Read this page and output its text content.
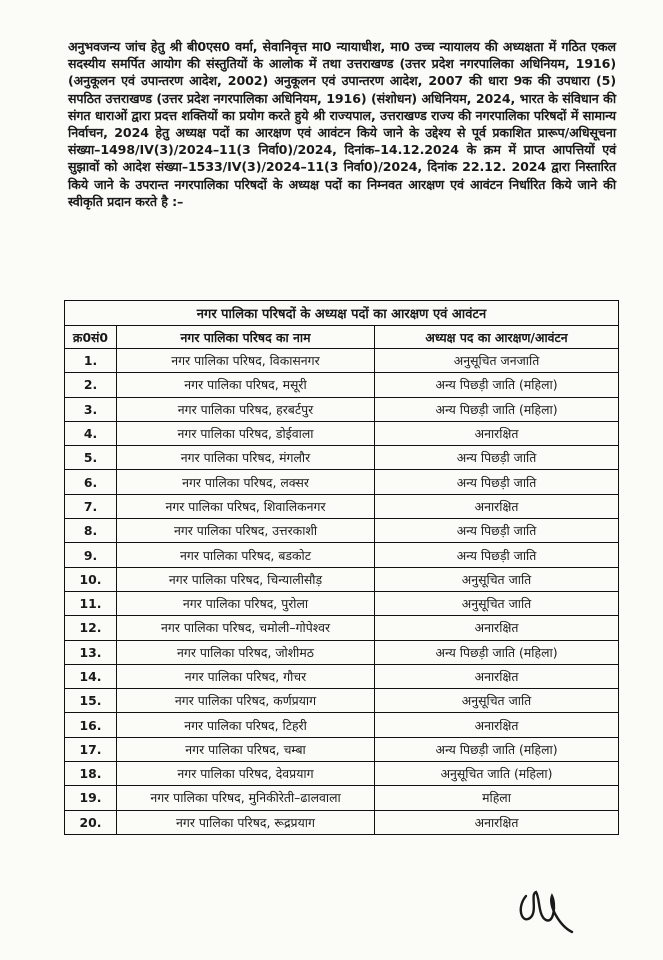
अनुभवजन्य जांच हेतु श्री बी0एस0 वर्मा, सेवानिवृत्त मा0 न्यायाधीश, मा0 उच्च न्यायालय की अध्यक्षता में गठित एकल सदस्यीय समर्पित आयोग की संस्तुतियों के आलोक में तथा उत्तराखण्ड (उत्तर प्रदेश नगरपालिका अधिनियम, 1916) (अनुकूलन एवं उपान्तरण आदेश, 2002) अनुकूलन एवं उपान्तरण आदेश, 2007 की धारा 9क की उपधारा (5) सपठित उत्तराखण्ड (उत्तर प्रदेश नगरपालिका अधिनियम, 1916) (संशोधन) अधिनियम, 2024, भारत के संविधान की संगत धाराओं द्वारा प्रदत्त शक्तियों का प्रयोग करते हुये श्री राज्यपाल, उत्तराखण्ड राज्य की नगरपालिका परिषदों में सामान्य निर्वाचन, 2024 हेतु अध्यक्ष पदों का आरक्षण एवं आवंटन किये जाने के उद्देश्य से पूर्व प्रकाशित प्रारूप/अधिसूचना संख्या–1498/IV(3)/2024–11(3 निर्वा0)/2024, दिनांक–14.12.2024 के क्रम में प्राप्त आपत्तियों एवं सुझावों को आदेश संख्या–1533/IV(3)/2024–11(3 निर्वा0)/2024, दिनांक 22.12. 2024 द्वारा निस्तारित किये जाने के उपरान्त नगरपालिका परिषदों के अध्यक्ष पदों का निम्नवत आरक्षण एवं आवंटन निर्धारित किये जाने की स्वीकृति प्रदान करते है :–

नगर पालिका परिषदों के अध्यक्ष पदों का आरक्षण एवं आवंटन		
क्र0सं0	नगर पालिका परिषद का नाम	अध्यक्ष पद का आरक्षण/आवंटन
1.	नगर पालिका परिषद, विकासनगर	अनुसूचित जनजाति
2.	नगर पालिका परिषद, मसूरी	अन्य पिछड़ी जाति (महिला)
3.	नगर पालिका परिषद, हरबर्टपुर	अन्य पिछड़ी जाति (महिला)
4.	नगर पालिका परिषद, डोईवाला	अनारक्षित
5.	नगर पालिका परिषद, मंगलौर	अन्य पिछड़ी जाति
6.	नगर पालिका परिषद, लक्सर	अन्य पिछड़ी जाति
7.	नगर पालिका परिषद, शिवालिकनगर	अनारक्षित
8.	नगर पालिका परिषद, उत्तरकाशी	अन्य पिछड़ी जाति
9.	नगर पालिका परिषद, बडकोट	अन्य पिछड़ी जाति
10.	नगर पालिका परिषद, चिन्यालीसौड़	अनुसूचित जाति
11.	नगर पालिका परिषद, पुरोला	अनुसूचित जाति
12.	नगर पालिका परिषद, चमोली–गोपेश्वर	अनारक्षित
13.	नगर पालिका परिषद, जोशीमठ	अन्य पिछड़ी जाति (महिला)
14.	नगर पालिका परिषद, गौचर	अनारक्षित
15.	नगर पालिका परिषद, कर्णप्रयाग	अनुसूचित जाति
16.	नगर पालिका परिषद, टिहरी	अनारक्षित
17.	नगर पालिका परिषद, चम्बा	अन्य पिछड़ी जाति (महिला)
18.	नगर पालिका परिषद, देवप्रयाग	अनुसूचित जाति (महिला)
19.	नगर पालिका परिषद, मुनिकीरेती–ढालवाला	महिला
20.	नगर पालिका परिषद, रूद्रप्रयाग	अनारक्षित
